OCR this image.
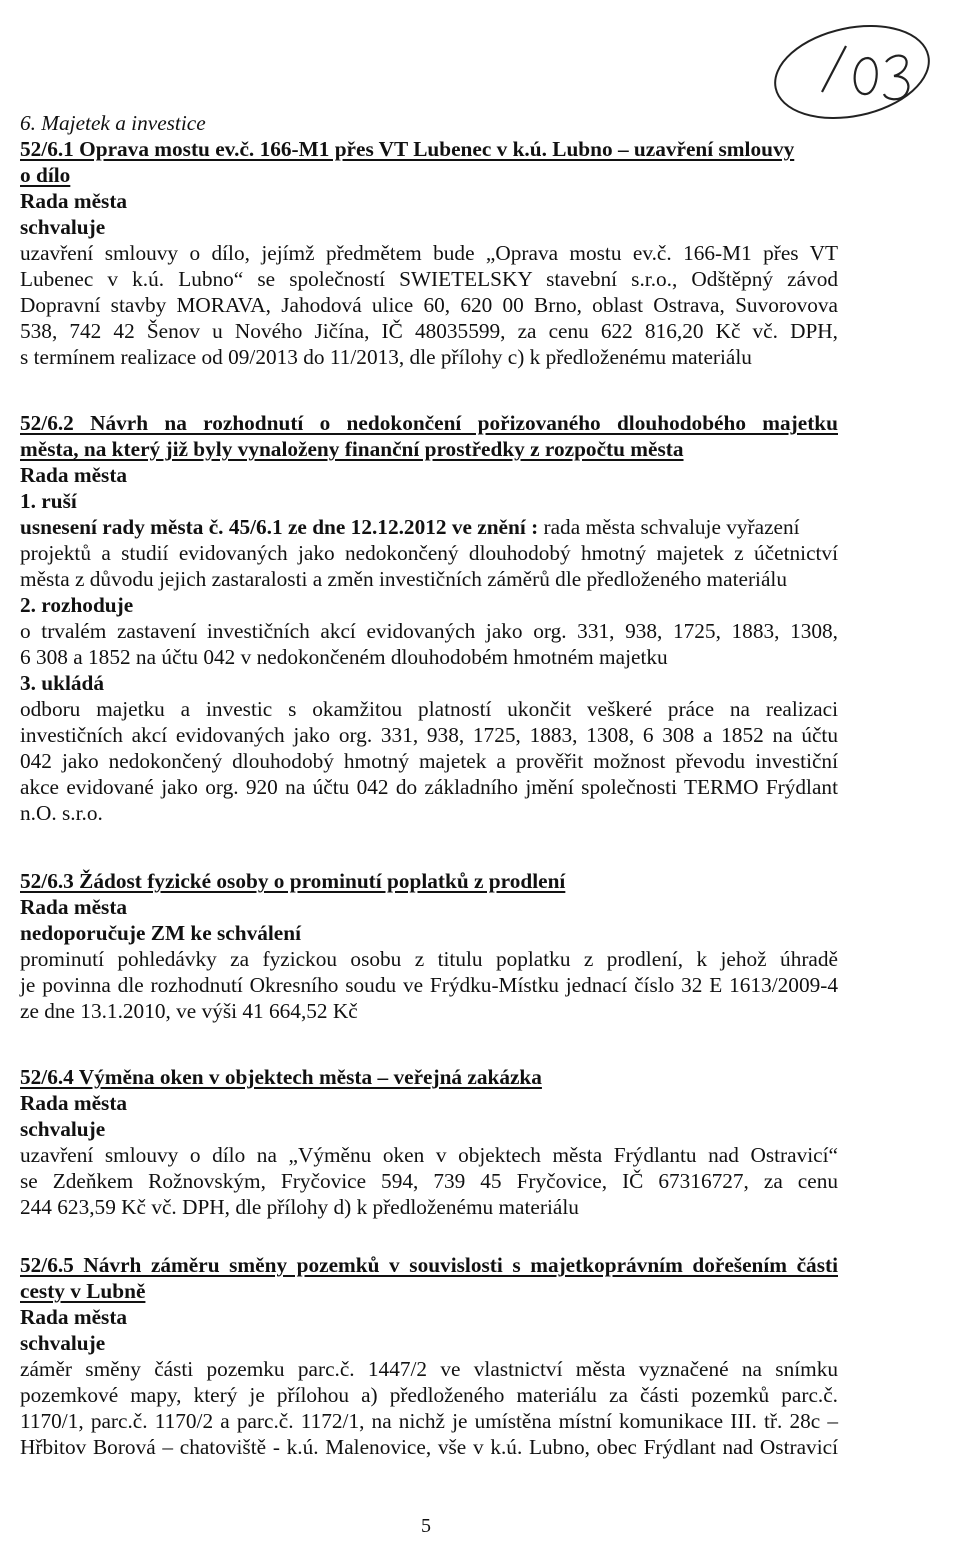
6. Majetek a investice
52/6.1 Oprava mostu ev.č. 166-M1 přes VT Lubenec v k.ú. Lubno – uzavření smlouvy
o dílo
Rada města
schvaluje
uzavření smlouvy o dílo, jejímž předmětem bude „Oprava mostu ev.č. 166-M1 přes VT
Lubenec v k.ú. Lubno“ se společností SWIETELSKY stavební s.r.o., Odštěpný závod
Dopravní stavby MORAVA, Jahodová ulice 60, 620 00 Brno, oblast Ostrava, Suvorovova
538, 742 42 Šenov u Nového Jičína, IČ 48035599, za cenu 622 816,20 Kč vč. DPH,
s termínem realizace od 09/2013 do 11/2013, dle přílohy c) k předloženému materiálu
52/6.2 Návrh na rozhodnutí o nedokončení pořizovaného dlouhodobého majetku
města, na který již byly vynaloženy finanční prostředky z rozpočtu města
Rada města
1. ruší
usnesení rady města č. 45/6.1 ze dne 12.12.2012 ve znění : rada města schvaluje vyřazení
projektů a studií evidovaných jako nedokončený dlouhodobý hmotný majetek z účetnictví
města z důvodu jejich zastaralosti a změn investičních záměrů dle předloženého materiálu
2. rozhoduje
o trvalém zastavení investičních akcí evidovaných jako org. 331, 938, 1725, 1883, 1308,
6 308 a 1852 na účtu 042 v nedokončeném dlouhodobém hmotném majetku
3. ukládá
odboru majetku a investic s okamžitou platností ukončit veškeré práce na realizaci
investičních akcí evidovaných jako org. 331, 938, 1725, 1883, 1308, 6 308 a 1852 na účtu
042 jako nedokončený dlouhodobý hmotný majetek a prověřit možnost převodu investiční
akce evidované jako org. 920 na účtu 042 do základního jmění společnosti TERMO Frýdlant
n.O. s.r.o.
52/6.3 Žádost fyzické osoby o prominutí poplatků z prodlení
Rada města
nedoporučuje ZM ke schválení
prominutí pohledávky za fyzickou osobu z titulu poplatku z prodlení, k jehož úhradě
je povinna dle rozhodnutí Okresního soudu ve Frýdku-Místku jednací číslo 32 E 1613/2009-4
ze dne 13.1.2010, ve výši 41 664,52 Kč
52/6.4 Výměna oken v objektech města – veřejná zakázka
Rada města
schvaluje
uzavření smlouvy o dílo na „Výměnu oken v objektech města Frýdlantu nad Ostravicí“
se Zdeňkem Rožnovským, Fryčovice 594, 739 45 Fryčovice, IČ 67316727, za cenu
244 623,59 Kč vč. DPH, dle přílohy d) k předloženému materiálu
52/6.5 Návrh záměru směny pozemků v souvislosti s majetkoprávním dořešením části
cesty v Lubně
Rada města
schvaluje
záměr směny části pozemku parc.č. 1447/2 ve vlastnictví města vyznačené na snímku
pozemkové mapy, který je přílohou a) předloženého materiálu za části pozemků parc.č.
1170/1, parc.č. 1170/2 a parc.č. 1172/1, na nichž je umístěna místní komunikace III. tř. 28c –
Hřbitov Borová – chatoviště - k.ú. Malenovice, vše v k.ú. Lubno, obec Frýdlant nad Ostravicí
5
